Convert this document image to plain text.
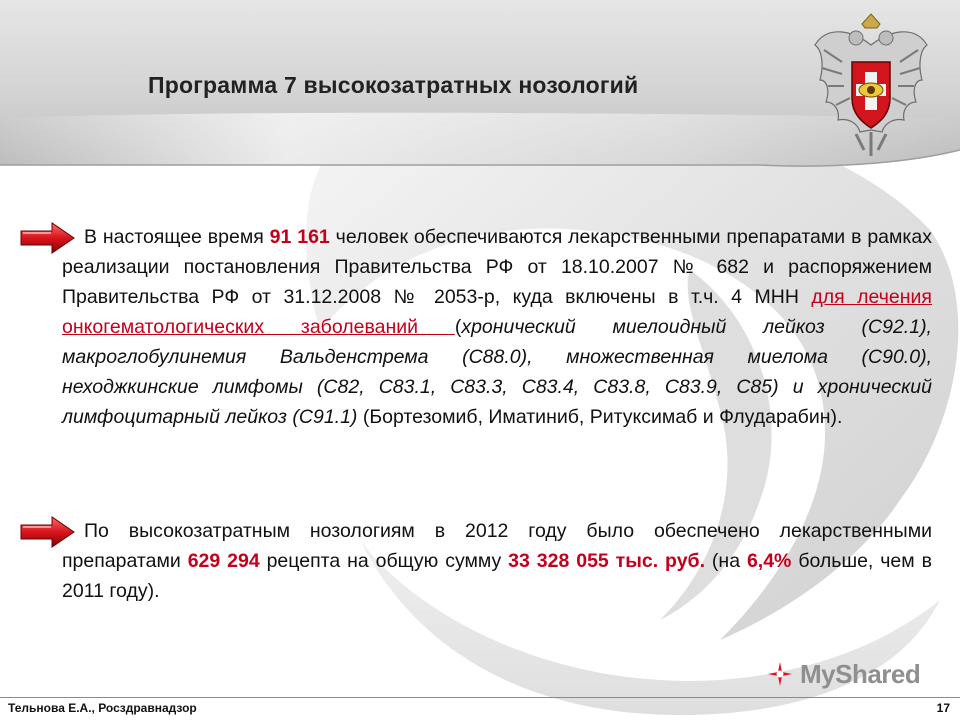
Программа 7 высокозатратных нозологий
В настоящее время 91 161 человек обеспечиваются лекарственными препаратами в рамках реализации постановления Правительства РФ от 18.10.2007 № 682 и распоряжением Правительства РФ от 31.12.2008 № 2053-р, куда включены в т.ч. 4 МНН для лечения онкогематологических заболеваний (хронический миелоидный лейкоз (С92.1), макроглобулинемия Вальденстрема (С88.0), множественная миелома (С90.0), неходжкинские лимфомы (С82, С83.1, С83.3, С83.4, С83.8, С83.9, С85) и хронический лимфоцитарный лейкоз (С91.1) (Бортезомиб, Иматиниб, Ритуксимаб и Флударабин).
По высокозатратным нозологиям в 2012 году было обеспечено лекарственными препаратами 629 294 рецепта на общую сумму 33 328 055 тыс. руб. (на 6,4% больше, чем в 2011 году).
MyShared
Тельнова Е.А., Росздравнадзор	17
